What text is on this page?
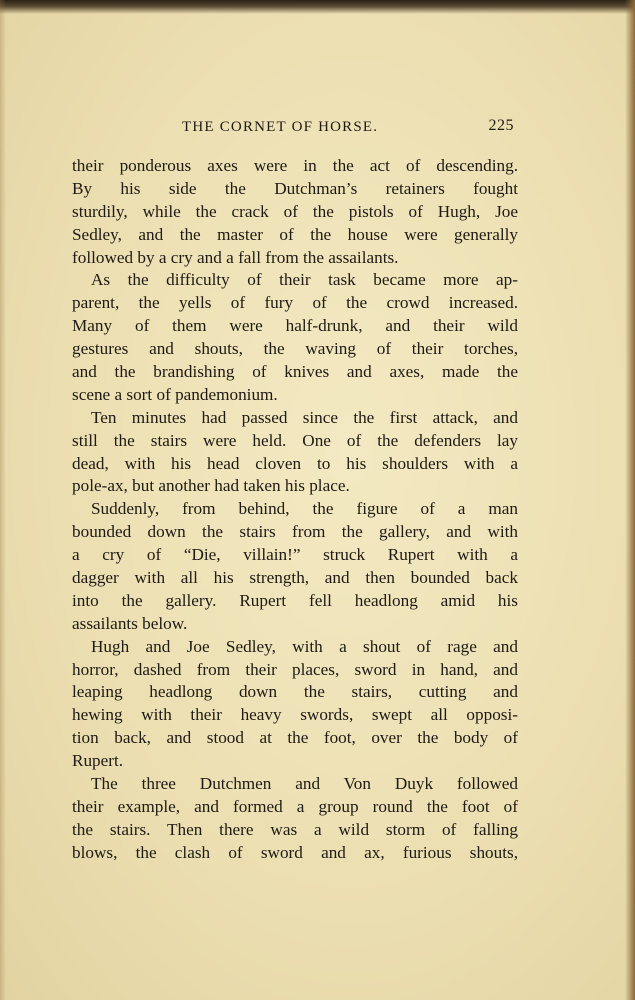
THE CORNET OF HORSE.	225
their ponderous axes were in the act of descending.
By his side the Dutchman’s retainers fought
sturdily, while the crack of the pistols of Hugh, Joe
Sedley, and the master of the house were generally
followed by a cry and a fall from the assailants.
As the difficulty of their task became more ap-
parent, the yells of fury of the crowd increased.
Many of them were half-drunk, and their wild
gestures and shouts, the waving of their torches,
and the brandishing of knives and axes, made the
scene a sort of pandemonium.
Ten minutes had passed since the first attack, and
still the stairs were held. One of the defenders lay
dead, with his head cloven to his shoulders with a
pole-ax, but another had taken his place.
Suddenly, from behind, the figure of a man
bounded down the stairs from the gallery, and with
a cry of “Die, villain!” struck Rupert with a
dagger with all his strength, and then bounded back
into the gallery. Rupert fell headlong amid his
assailants below.
Hugh and Joe Sedley, with a shout of rage and
horror, dashed from their places, sword in hand, and
leaping headlong down the stairs, cutting and
hewing with their heavy swords, swept all opposi-
tion back, and stood at the foot, over the body of
Rupert.
The three Dutchmen and Von Duyk followed
their example, and formed a group round the foot of
the stairs. Then there was a wild storm of falling
blows, the clash of sword and ax, furious shouts,
